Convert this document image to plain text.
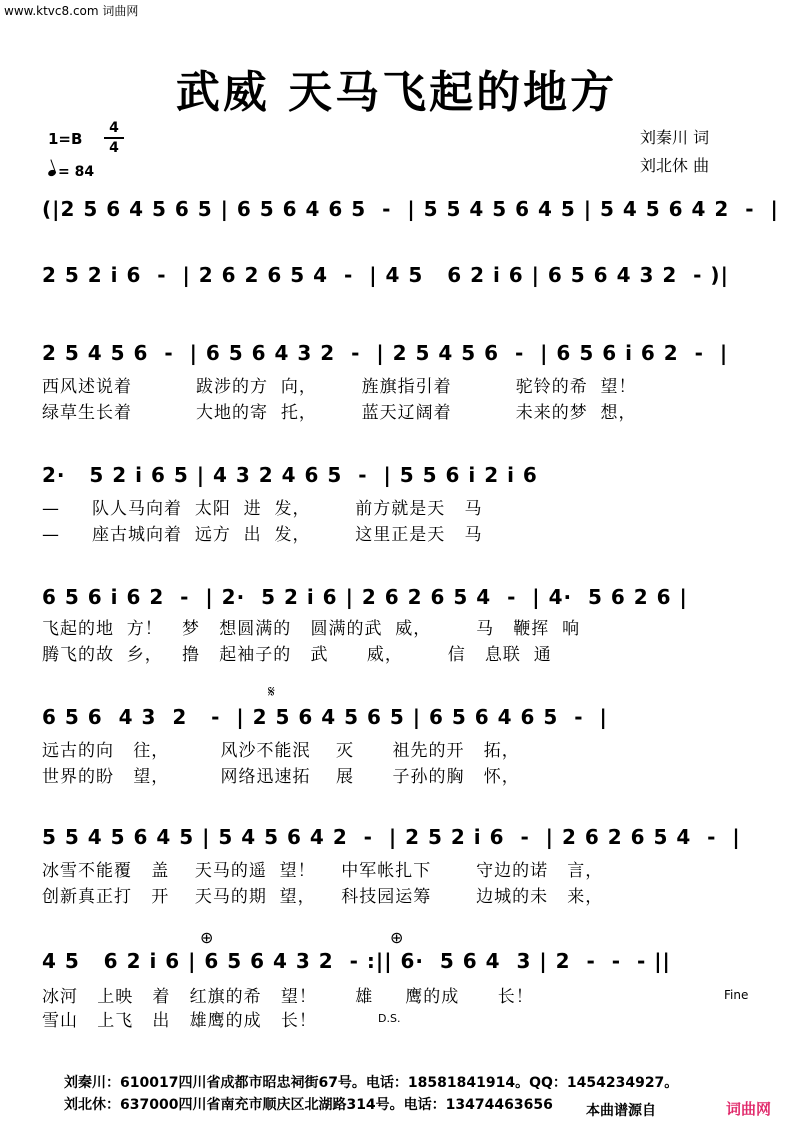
www.ktvc8.com 词曲网
武威 天马飞起的地方
1=B
4
4
= 84
刘秦川 词
刘北休 曲
(|2 5 6 4 5 6 5 | 6 5 6 4 6 5  -  | 5 5 4 5 6 4 5 | 5 4 5 6 4 2  -  |
2 5 2 i 6  -  | 2 6 2 6 5 4  -  | 4 5   6 2 i 6 | 6 5 6 4 3 2  - )|
2 5 4 5 6  -  | 6 5 6 4 3 2  -  | 2 5 4 5 6  -  | 6 5 6 i 6 2  -  |
西风述说着          跋涉的方  向，       旌旗指引着          驼铃的希  望！
绿草生长着          大地的寄  托，       蓝天辽阔着          未来的梦  想，
2·   5 2 i 6 5 | 4 3 2 4 6 5  -  | 5 5 6 i 2 i 6
—     队人马向着  太阳  进  发，       前方就是天   马
—     座古城向着  远方  出  发，       这里正是天   马
6 5 6 i 6 2  -  | 2·  5 2 i 6 | 2 6 2 6 5 4  -  | 4·  5 6 2 6 |
飞起的地  方！   梦   想圆满的   圆满的武  威，       马   鞭挥  响
腾飞的故  乡，   撸   起袖子的   武      威，       信   息联  通
𝄋
6 5 6  4 3  2   -  | 2 5 6 4 5 6 5 | 6 5 6 4 6 5  -  |
远古的向   往，        风沙不能泯    灭      祖先的开   拓，
世界的盼   望，        网络迅速拓    展      子孙的胸   怀，
5 5 4 5 6 4 5 | 5 4 5 6 4 2  -  | 2 5 2 i 6  -  | 2 6 2 6 5 4  -  |
冰雪不能覆   盖    天马的遥  望！    中军帐扎下       守边的诺   言，
创新真正打   开    天马的期  望，    科技园运筹       边城的未   来，
⊕	⊕
4 5   6 2 i 6 | 6 5 6 4 3 2  - :|| 6·  5 6 4  3 | 2  -  -  - ||
冰河   上映   着   红旗的希   望！      雄     鹰的成      长！
雪山   上飞   出   雄鹰的成   长！
Fine
D.S.
刘秦川：610017四川省成都市昭忠祠街67号。电话：18581841914。QQ：1454234927。
刘北休：637000四川省南充市顺庆区北湖路314号。电话：13474463656	本曲谱源自	词曲网
